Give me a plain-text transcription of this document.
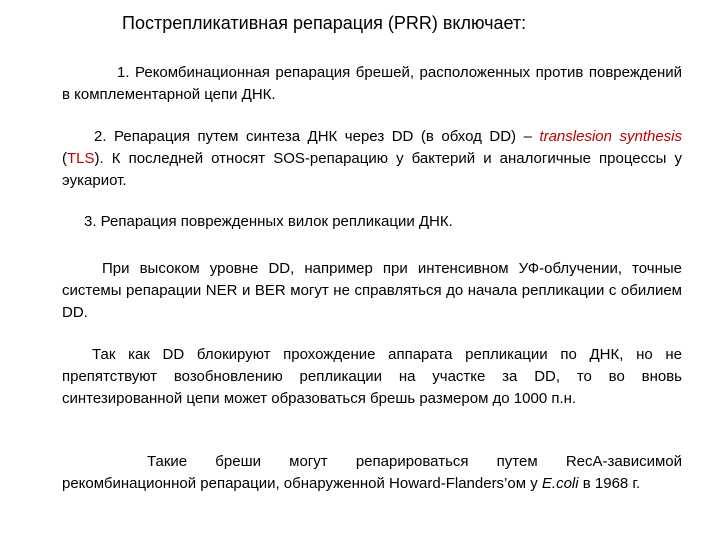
Пострепликативная репарация (PRR) включает:

1. Рекомбинационная репарация брешей, расположенных против повреждений в комплементарной цепи ДНК.

2. Репарация путем синтеза ДНК через DD (в обход DD) – translesion synthesis (TLS). К последней относят SOS-репарацию у бактерий и аналогичные процессы у эукариот.

3. Репарация поврежденных вилок репликации ДНК.

При высоком уровне DD, например при интенсивном УФ-облучении, точные системы репарации NER и BER могут не справляться до начала репликации с обилием DD.

Так как DD блокируют прохождение аппарата репликации по ДНК, но не препятствуют возобновлению репликации на участке за DD, то во вновь синтезированной цепи может образоваться брешь размером до 1000 п.н.

Такие бреши могут репарироваться путем RecA-зависимой рекомбинационной репарации, обнаруженной Howard-Flanders’ом у E.coli в 1968 г.
